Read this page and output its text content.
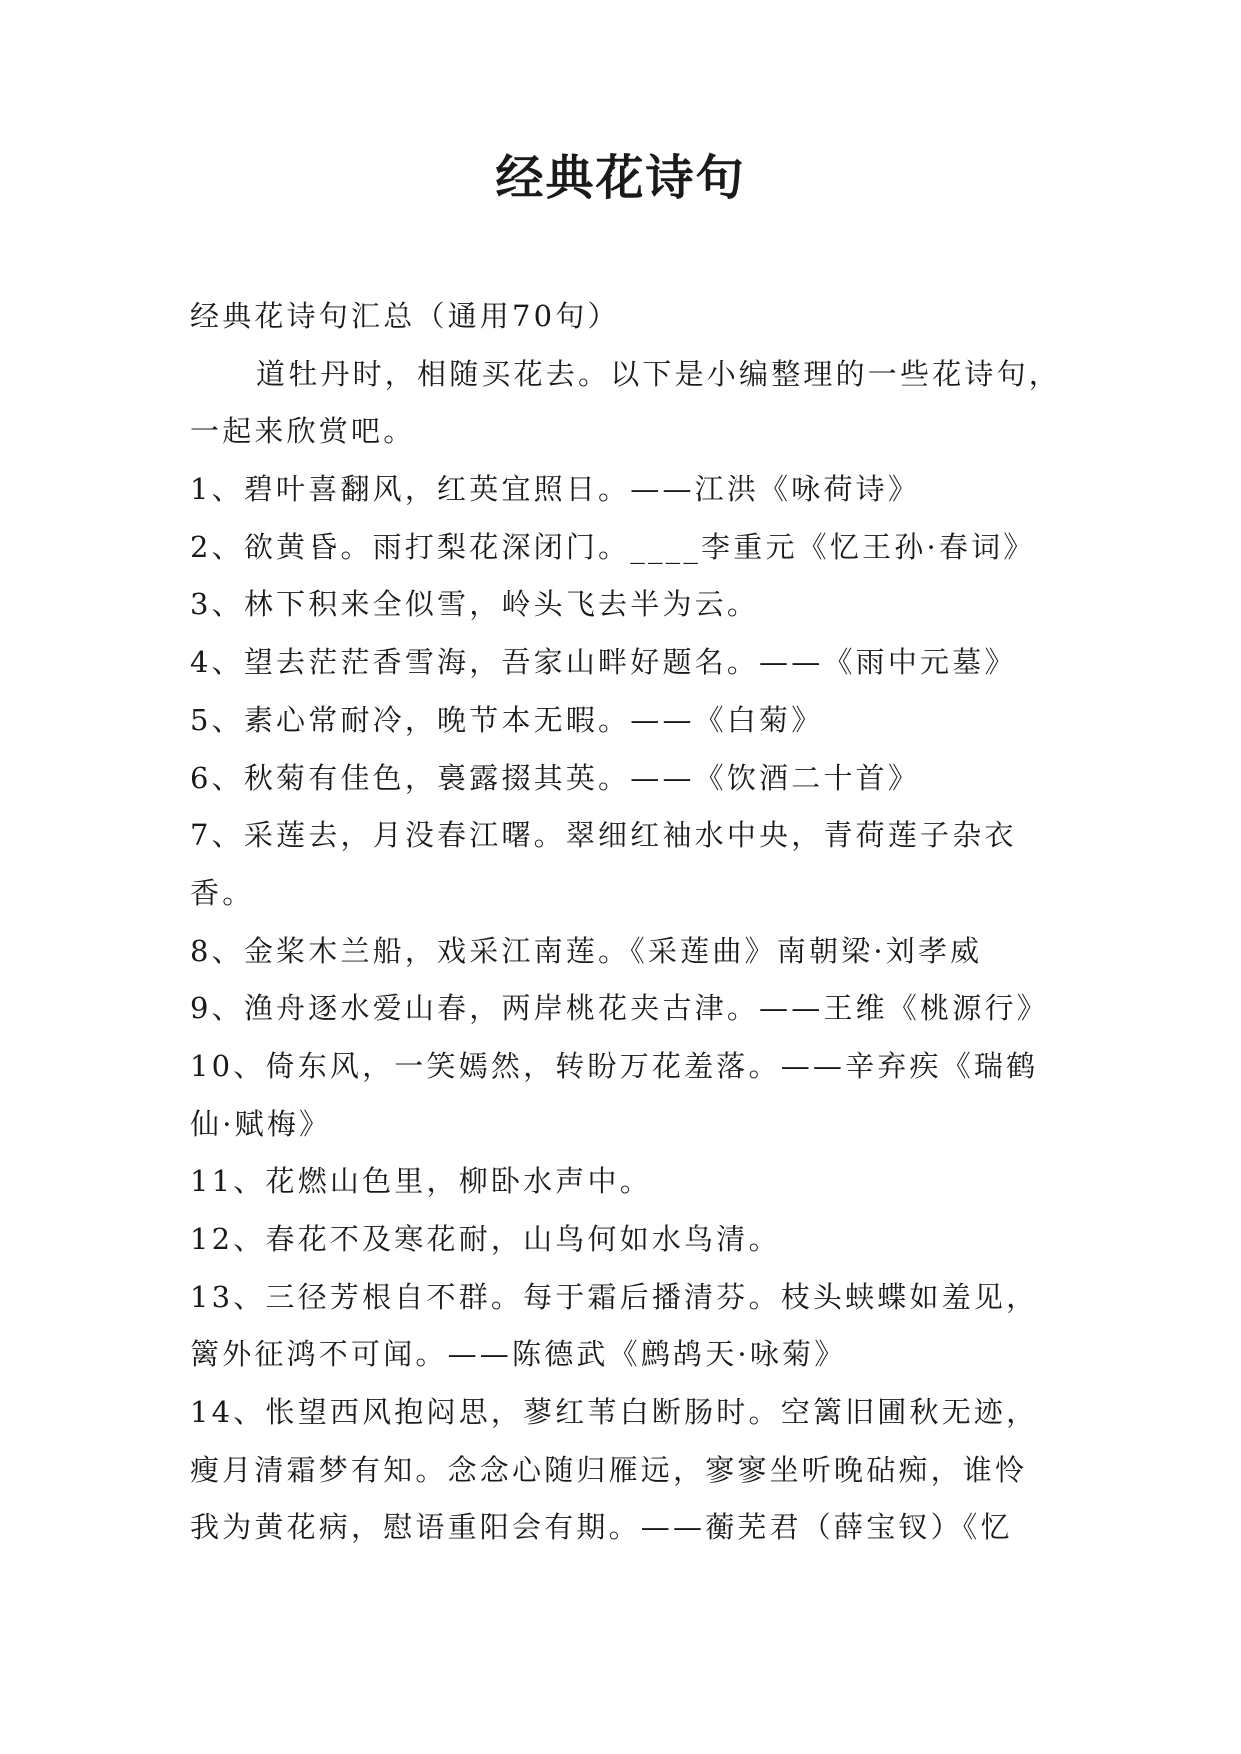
经典花诗句
经典花诗句汇总（通用70句）
道牡丹时，相随买花去。以下是小编整理的一些花诗句，
一起来欣赏吧。
1、碧叶喜翻风，红英宜照日。——江洪《咏荷诗》
2、欲黄昏。雨打梨花深闭门。____李重元《忆王孙·春词》
3、林下积来全似雪，岭头飞去半为云。
4、望去茫茫香雪海，吾家山畔好题名。——《雨中元墓》
5、素心常耐冷，晚节本无暇。——《白菊》
6、秋菊有佳色，裛露掇其英。——《饮酒二十首》
7、采莲去，月没春江曙。翠细红袖水中央，青荷莲子杂衣
香。
8、金桨木兰船，戏采江南莲。《采莲曲》南朝梁·刘孝威
9、渔舟逐水爱山春，两岸桃花夹古津。——王维《桃源行》
10、倚东风，一笑嫣然，转盼万花羞落。——辛弃疾《瑞鹤
仙·赋梅》
11、花燃山色里，柳卧水声中。
12、春花不及寒花耐，山鸟何如水鸟清。
13、三径芳根自不群。每于霜后播清芬。枝头蛱蝶如羞见，
篱外征鸿不可闻。——陈德武《鹧鸪天·咏菊》
14、怅望西风抱闷思，蓼红苇白断肠时。空篱旧圃秋无迹，
瘦月清霜梦有知。念念心随归雁远，寥寥坐听晚砧痴，谁怜
我为黄花病，慰语重阳会有期。——蘅芜君（薛宝钗）《忆
